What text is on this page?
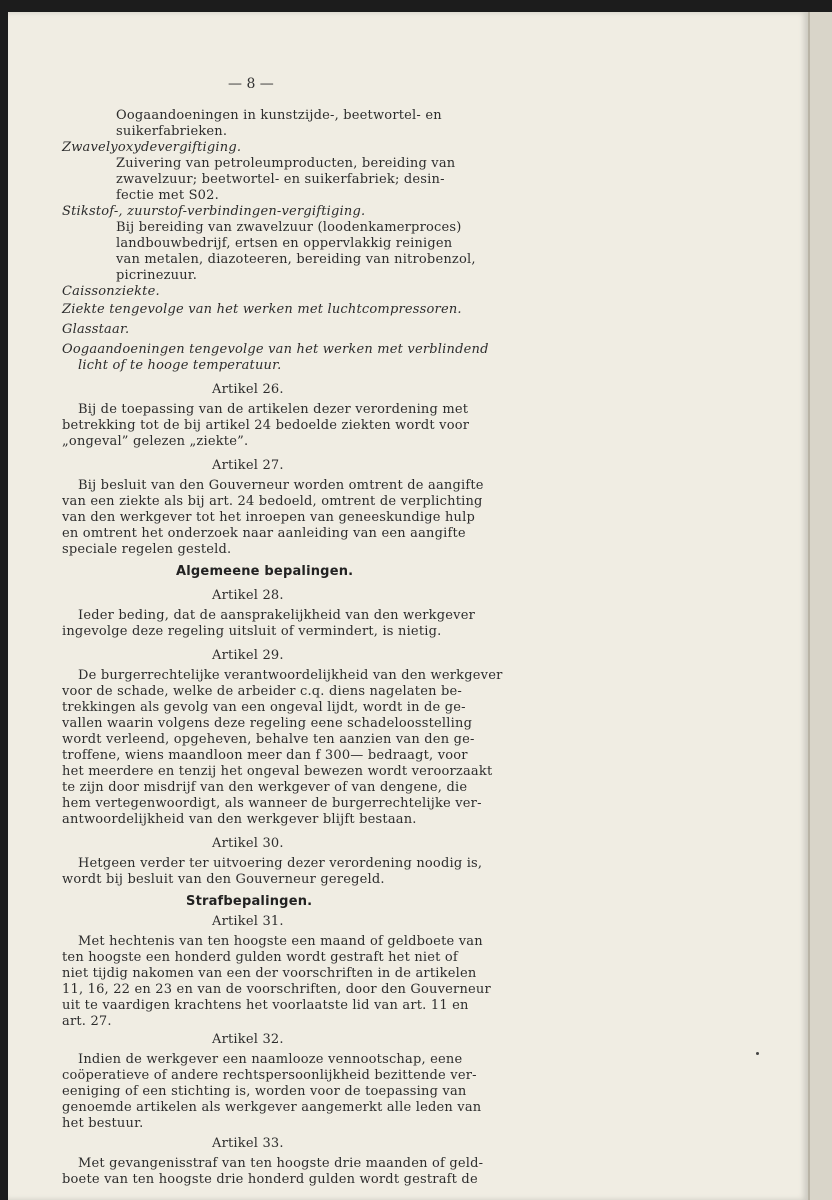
— 8 —
Oogaandoeningen in kunstzijde-, beetwortel- en
suikerfabrieken.
Zwavelyoxydevergiftiging.
Zuivering van petroleumproducten, bereiding van
zwavelzuur; beetwortel- en suikerfabriek; desin-
fectie met S02.
Stikstof-, zuurstof-verbindingen-vergiftiging.
Bij bereiding van zwavelzuur (loodenkamerproces)
landbouwbedrijf, ertsen en oppervlakkig reinigen
van metalen, diazoteeren, bereiding van nitrobenzol,
picrinezuur.
Caissonziekte.
Ziekte tengevolge van het werken met luchtcompressoren.
Glasstaar.
Oogaandoeningen tengevolge van het werken met verblindend
licht of te hooge temperatuur.
Artikel 26.
Bij de toepassing van de artikelen dezer verordening met
betrekking tot de bij artikel 24 bedoelde ziekten wordt voor
„ongeval” gelezen „ziekte”.
Artikel 27.
Bij besluit van den Gouverneur worden omtrent de aangifte
van een ziekte als bij art. 24 bedoeld, omtrent de verplichting
van den werkgever tot het inroepen van geneeskundige hulp
en omtrent het onderzoek naar aanleiding van een aangifte
speciale regelen gesteld.
Algemeene bepalingen.
Artikel 28.
Ieder beding, dat de aansprakelijkheid van den werkgever
ingevolge deze regeling uitsluit of vermindert, is nietig.
Artikel 29.
De burgerrechtelijke verantwoordelijkheid van den werkgever
voor de schade, welke de arbeider c.q. diens nagelaten be-
trekkingen als gevolg van een ongeval lijdt, wordt in de ge-
vallen waarin volgens deze regeling eene schadeloosstelling
wordt verleend, opgeheven, behalve ten aanzien van den ge-
troffene, wiens maandloon meer dan f 300— bedraagt, voor
het meerdere en tenzij het ongeval bewezen wordt veroorzaakt
te zijn door misdrijf van den werkgever of van dengene, die
hem vertegenwoordigt, als wanneer de burgerrechtelijke ver-
antwoordelijkheid van den werkgever blijft bestaan.
Artikel 30.
Hetgeen verder ter uitvoering dezer verordening noodig is,
wordt bij besluit van den Gouverneur geregeld.
Strafbepalingen.
Artikel 31.
Met hechtenis van ten hoogste een maand of geldboete van
ten hoogste een honderd gulden wordt gestraft het niet of
niet tijdig nakomen van een der voorschriften in de artikelen
11, 16, 22 en 23 en van de voorschriften, door den Gouverneur
uit te vaardigen krachtens het voorlaatste lid van art. 11 en
art. 27.
Artikel 32.
Indien de werkgever een naamlooze vennootschap, eene
coöperatieve of andere rechtspersoonlijkheid bezittende ver-
eeniging of een stichting is, worden voor de toepassing van
genoemde artikelen als werkgever aangemerkt alle leden van
het bestuur.
Artikel 33.
Met gevangenisstraf van ten hoogste drie maanden of geld-
boete van ten hoogste drie honderd gulden wordt gestraft de
